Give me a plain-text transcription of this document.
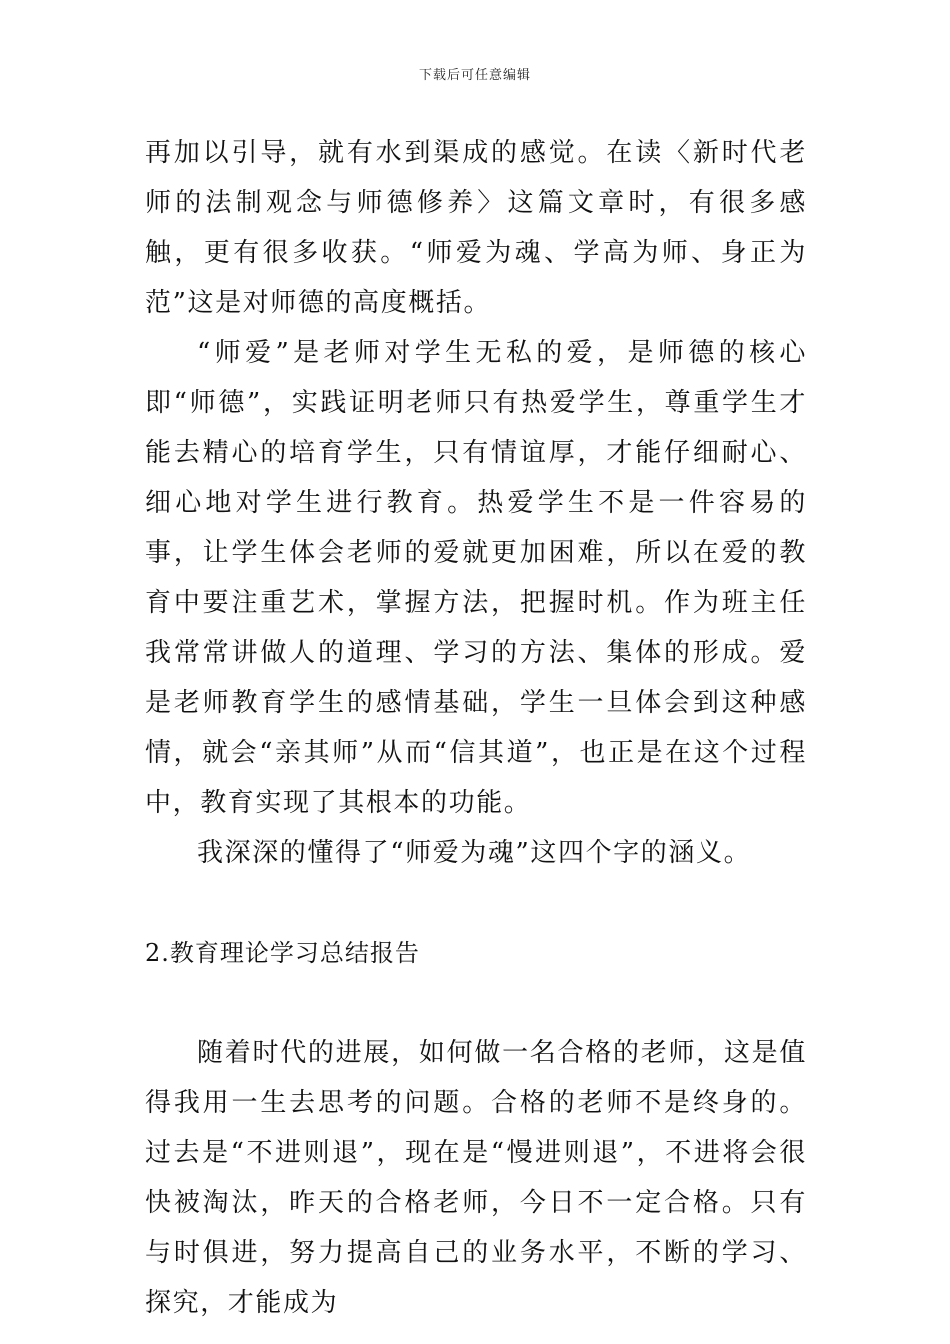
下载后可任意编辑

再加以引导，就有水到渠成的感觉。在读〈新时代老师的法制观念与师德修养〉这篇文章时，有很多感触，更有很多收获。“师爱为魂、学高为师、身正为范”这是对师德的高度概括。

“师爱”是老师对学生无私的爱，是师德的核心即“师德”，实践证明老师只有热爱学生，尊重学生才能去精心的培育学生，只有情谊厚，才能仔细耐心、细心地对学生进行教育。热爱学生不是一件容易的事，让学生体会老师的爱就更加困难，所以在爱的教育中要注重艺术，掌握方法，把握时机。作为班主任我常常讲做人的道理、学习的方法、集体的形成。爱是老师教育学生的感情基础，学生一旦体会到这种感情，就会“亲其师”从而“信其道”，也正是在这个过程中，教育实现了其根本的功能。

我深深的懂得了“师爱为魂”这四个字的涵义。

2.教育理论学习总结报告

随着时代的进展，如何做一名合格的老师，这是值得我用一生去思考的问题。合格的老师不是终身的。过去是“不进则退”，现在是“慢进则退”，不进将会很快被淘汰，昨天的合格老师，今日不一定合格。只有与时俱进，努力提高自己的业务水平，不断的学习、探究，才能成为
